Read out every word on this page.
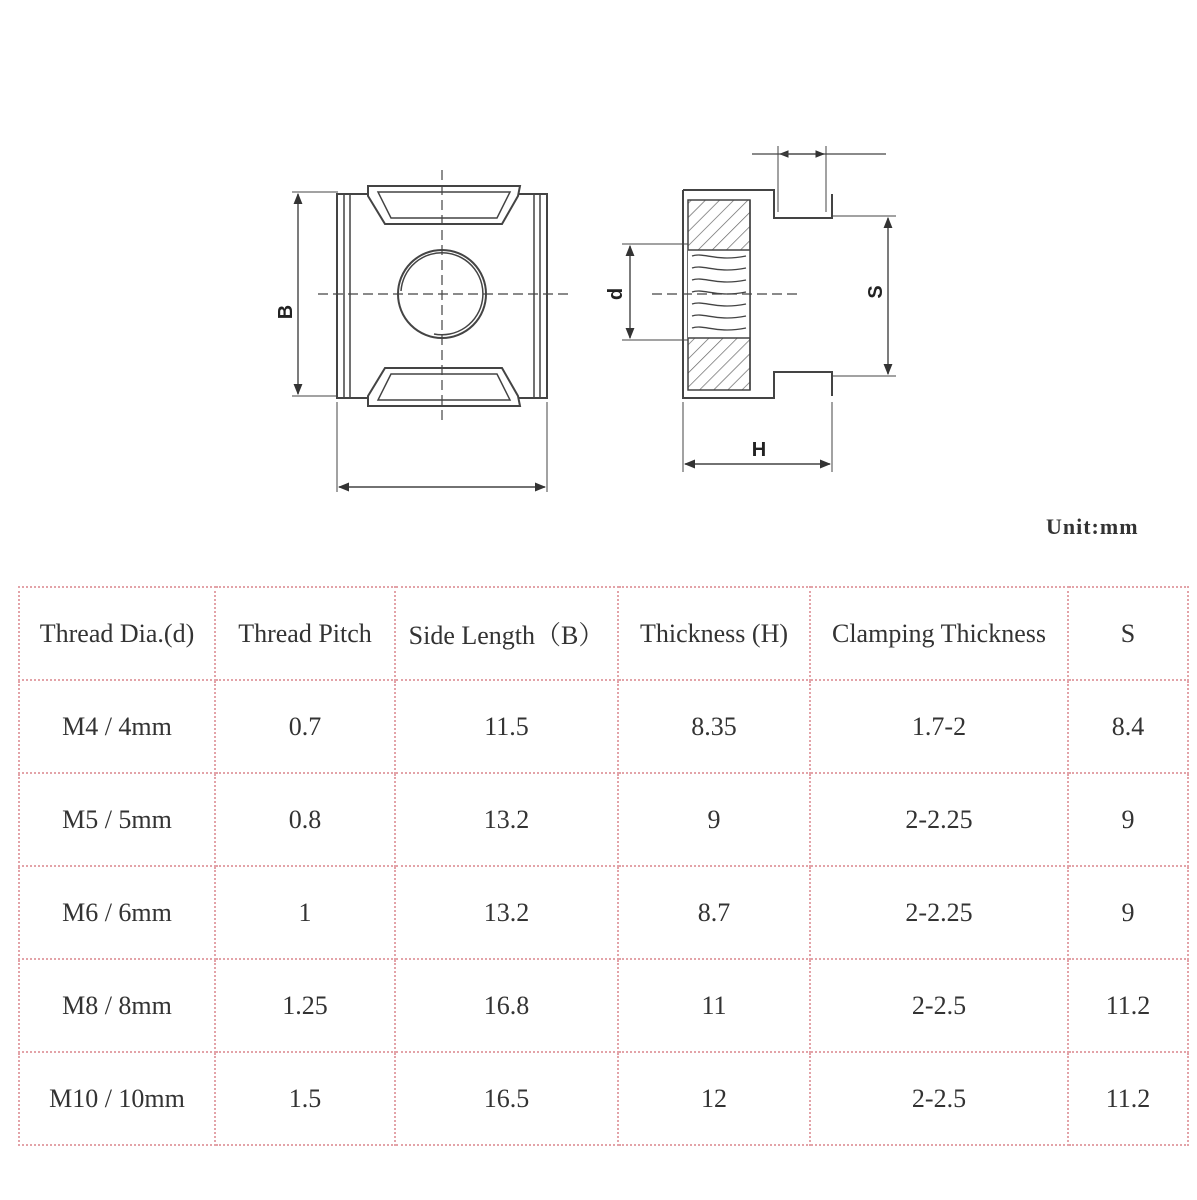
B
d	S
H
Unit:mm
Thread Dia.(d)	Thread Pitch	Side Length（B）	Thickness (H)	Clamping Thickness	S
M4 / 4mm	0.7	11.5	8.35	1.7-2	8.4
M5 / 5mm	0.8	13.2	9	2-2.25	9
M6 / 6mm	1	13.2	8.7	2-2.25	9
M8 / 8mm	1.25	16.8	11	2-2.5	11.2
M10 / 10mm	1.5	16.5	12	2-2.5	11.2
